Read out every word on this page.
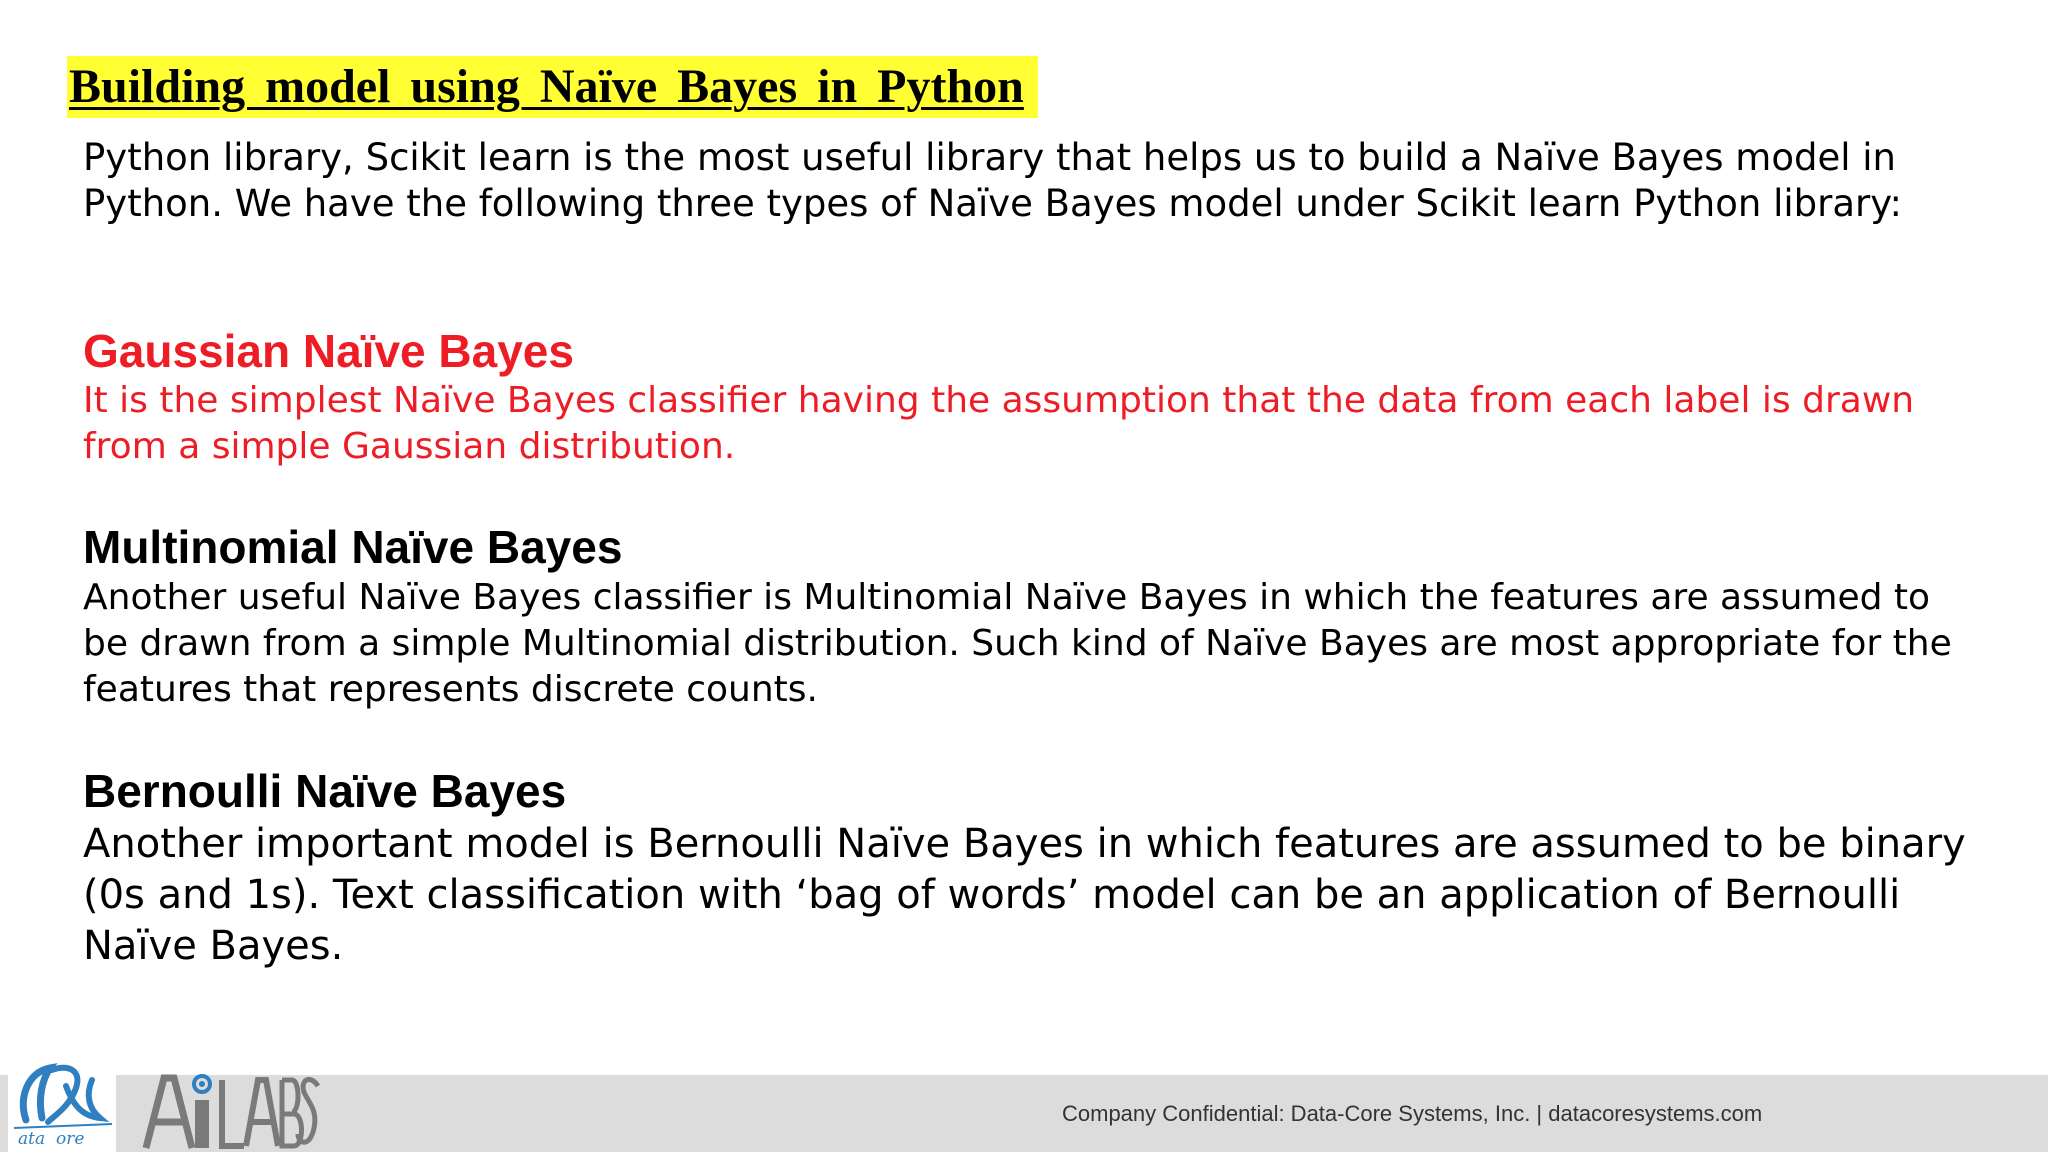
Building model using Naïve Bayes in Python

Python library, Scikit learn is the most useful library that helps us to build a Naïve Bayes model in Python. We have the following three types of Naïve Bayes model under Scikit learn Python library:

Gaussian Naïve Bayes

It is the simplest Naïve Bayes classifier having the assumption that the data from each label is drawn from a simple Gaussian distribution.

Multinomial Naïve Bayes

Another useful Naïve Bayes classifier is Multinomial Naïve Bayes in which the features are assumed to be drawn from a simple Multinomial distribution. Such kind of Naïve Bayes are most appropriate for the features that represents discrete counts.

Bernoulli Naïve Bayes

Another important model is Bernoulli Naïve Bayes in which features are assumed to be binary (0s and 1s). Text classification with ‘bag of words’ model can be an application of Bernoulli Naïve Bayes.

ata ore
Company Confidential: Data-Core Systems, Inc. | datacoresystems.com
